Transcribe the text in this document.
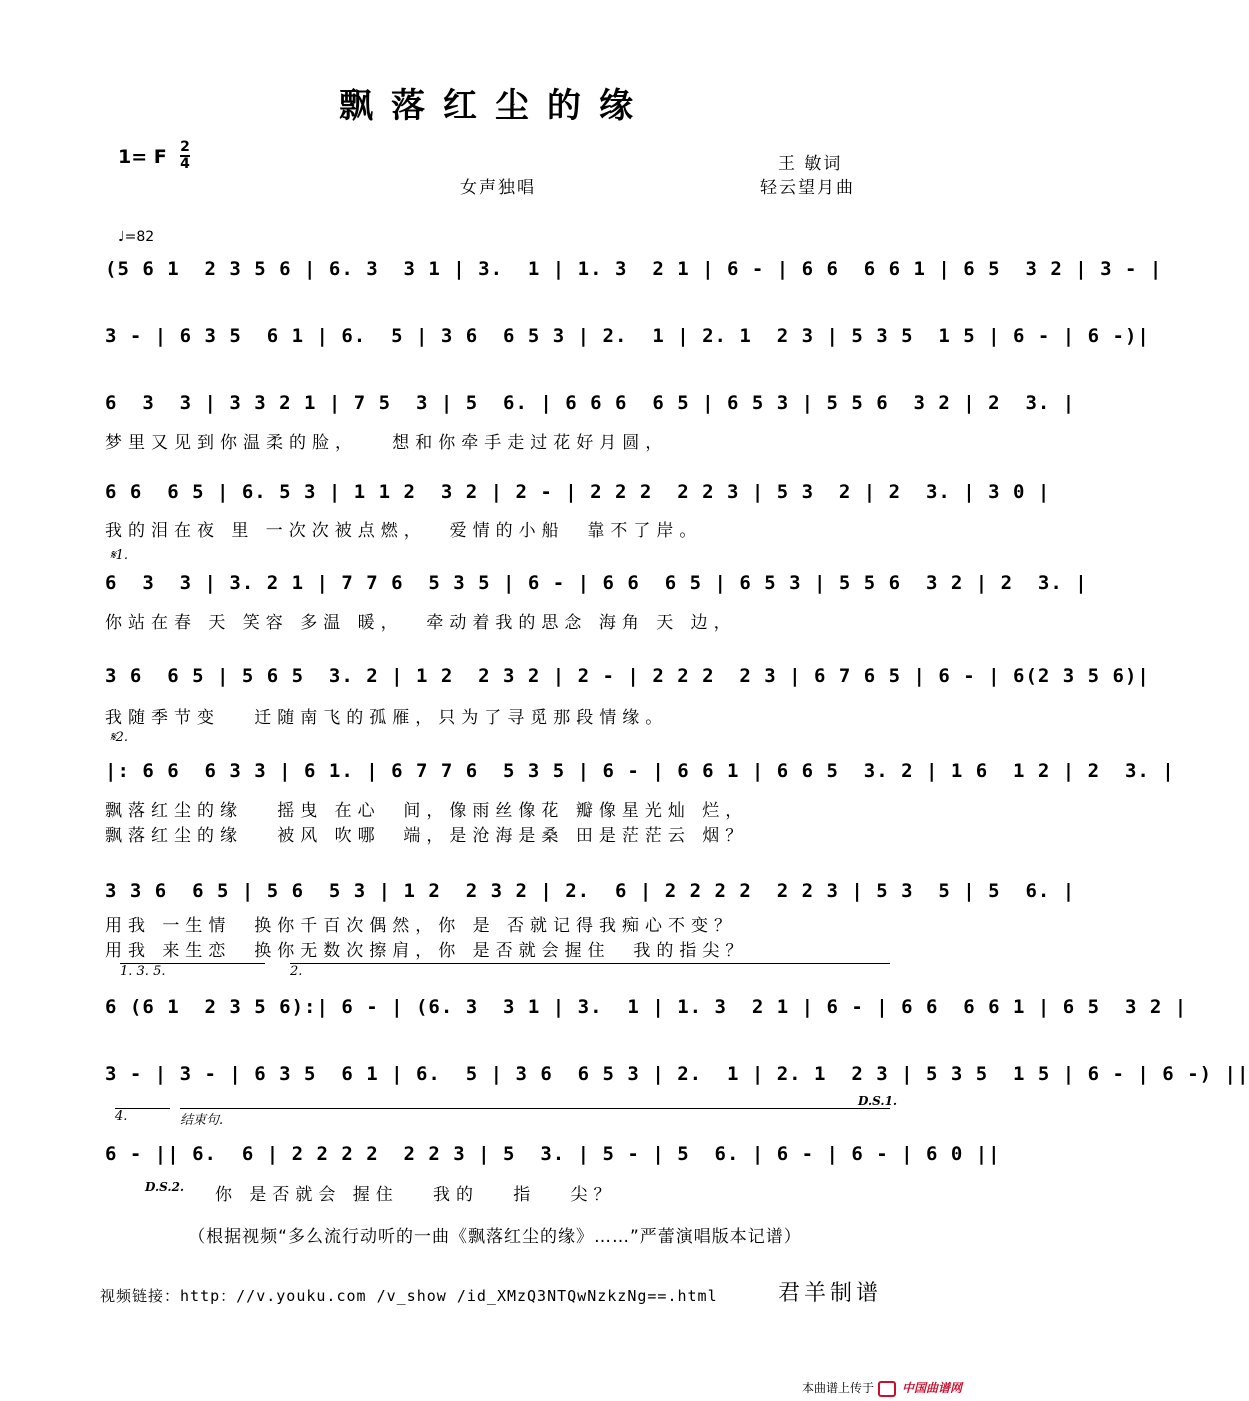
飘落红尘的缘
1= F 2
4	王 敏词
轻云望月曲
女声独唱
♩=82
(5 6 1  2 3 5 6 | 6. 3  3 1 | 3.  1 | 1. 3  2 1 | 6 - | 6 6  6 6 1 | 6 5  3 2 | 3 - |
3 - | 6 3 5  6 1 | 6.  5 | 3 6  6 5 3 | 2.  1 | 2. 1  2 3 | 5 3 5  1 5 | 6 - | 6 -)|
6  3  3 | 3 3 2 1 | 7 5  3 | 5  6. | 6 6 6  6 5 | 6 5 3 | 5 5 6  3 2 | 2  3. |
梦里又见到你温柔的脸，   想和你牵手走过花好月圆，
6 6  6 5 | 6. 5 3 | 1 1 2  3 2 | 2 - | 2 2 2  2 2 3 | 5 3  2 | 2  3. | 3 0 |
我的泪在夜 里 一次次被点燃，  爱情的小船  靠不了岸。
𝄋1.
6  3  3 | 3. 2 1 | 7 7 6  5 3 5 | 6 - | 6 6  6 5 | 6 5 3 | 5 5 6  3 2 | 2  3. |
你站在春 天 笑容 多温 暖，  牵动着我的思念 海角 天 边，
3 6  6 5 | 5 6 5  3. 2 | 1 2  2 3 2 | 2 - | 2 2 2  2 3 | 6 7 6 5 | 6 - | 6(2 3 5 6)|
我随季节变   迁随南飞的孤雁，只为了寻觅那段情缘。
𝄋2.
|: 6 6  6 3 3 | 6 1. | 6 7 7 6  5 3 5 | 6 - | 6 6 1 | 6 6 5  3. 2 | 1 6  1 2 | 2  3. |
飘落红尘的缘   摇曳 在心  间，像雨丝像花 瓣像星光灿 烂，
飘落红尘的缘   被风 吹哪  端，是沧海是桑 田是茫茫云 烟？
3 3 6  6 5 | 5 6  5 3 | 1 2  2 3 2 | 2.  6 | 2 2 2 2  2 2 3 | 5 3  5 | 5  6. |
用我 一生情  换你千百次偶然，你 是 否就记得我痴心不变？
用我 来生恋  换你无数次擦肩，你 是否就会握住  我的指尖？
1. 3. 5.	2.
6 (6 1  2 3 5 6):| 6 - | (6. 3  3 1 | 3.  1 | 1. 3  2 1 | 6 - | 6 6  6 6 1 | 6 5  3 2 |
3 - | 3 - | 6 3 5  6 1 | 6.  5 | 3 6  6 5 3 | 2.  1 | 2. 1  2 3 | 5 3 5  1 5 | 6 - | 6 -) ||
D.S.1.
4.	结束句.
6 - || 6.  6 | 2 2 2 2  2 2 3 | 5  3. | 5 - | 5  6. | 6 - | 6 - | 6 0 ||
D.S.2. 你 是否就会 握住   我的   指   尖？
（根据视频“多么流行动听的一曲《飘落红尘的缘》……”严蕾演唱版本记谱）
视频链接：http：//v.youku.com /v_show /id_XMzQ3NTQwNzkzNg==.html	君羊制谱
本曲谱上传于 中国曲谱网
